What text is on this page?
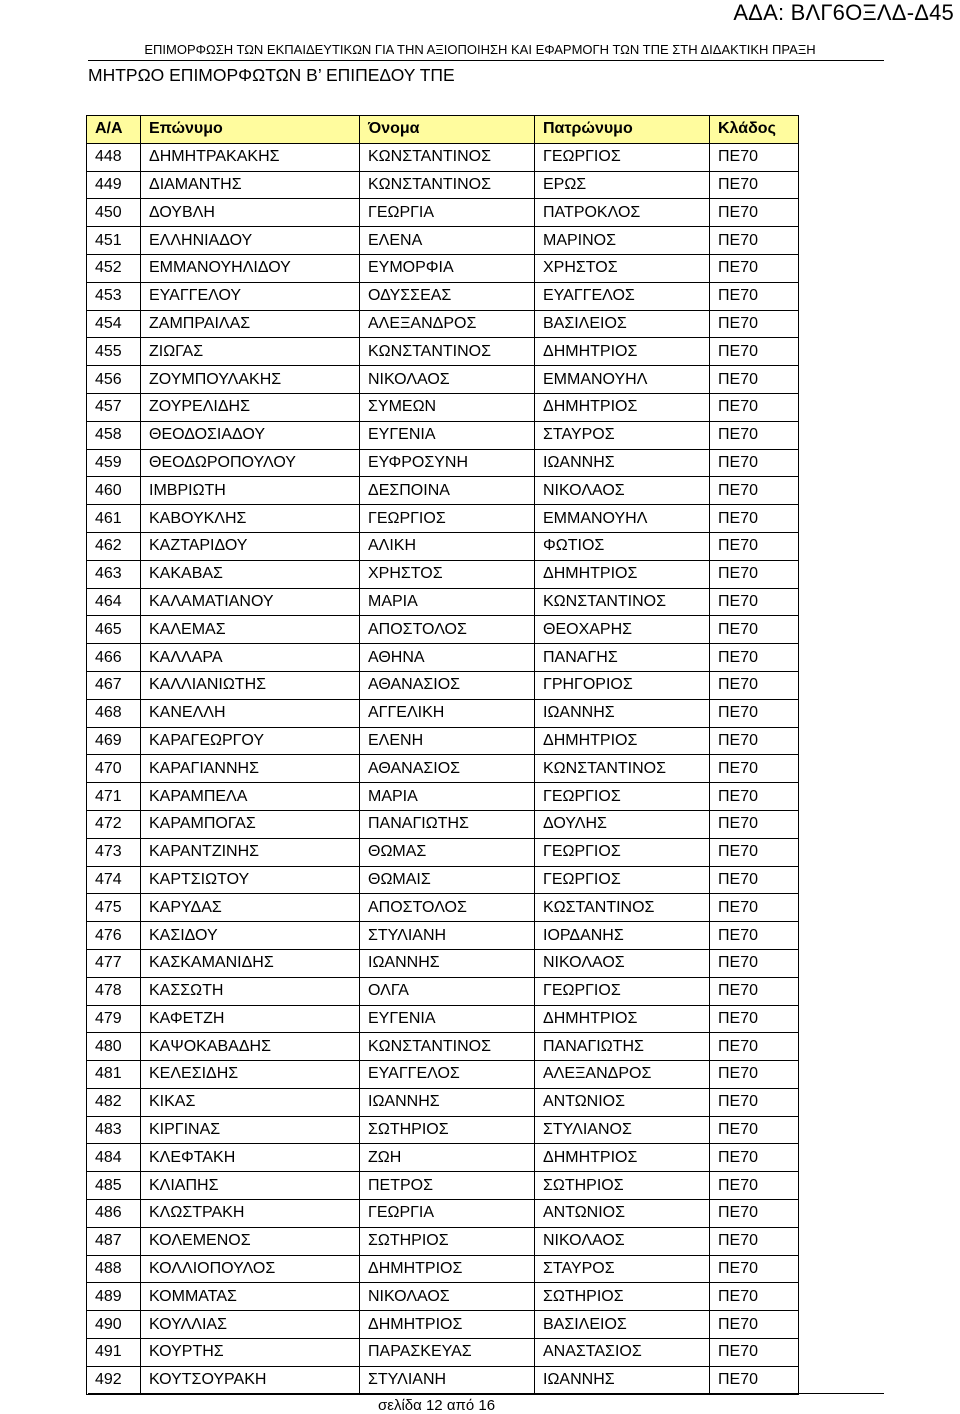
ΑΔΑ: ΒΛΓ6ΟΞΛΔ-Δ45
ΕΠΙΜΟΡΦΩΣΗ ΤΩΝ ΕΚΠΑΙΔΕΥΤΙΚΩΝ ΓΙΑ ΤΗΝ ΑΞΙΟΠΟΙΗΣΗ ΚΑΙ ΕΦΑΡΜΟΓΗ ΤΩΝ ΤΠΕ ΣΤΗ ΔΙΔΑΚΤΙΚΗ ΠΡΑΞΗ
ΜΗΤΡΩΟ ΕΠΙΜΟΡΦΩΤΩΝ Β’ ΕΠΙΠΕΔΟΥ ΤΠΕ
Α/Α	Επώνυμο	Όνομα	Πατρώνυμο	Κλάδος
448	ΔΗΜΗΤΡΑΚΑΚΗΣ	ΚΩΝΣΤΑΝΤΙΝΟΣ	ΓΕΩΡΓΙΟΣ	ΠΕ70
449	ΔΙΑΜΑΝΤΗΣ	ΚΩΝΣΤΑΝΤΙΝΟΣ	ΕΡΩΣ	ΠΕ70
450	ΔΟΥΒΛΗ	ΓΕΩΡΓΙΑ	ΠΑΤΡΟΚΛΟΣ	ΠΕ70
451	ΕΛΛΗΝΙΑΔΟΥ	ΕΛΕΝΑ	ΜΑΡΙΝΟΣ	ΠΕ70
452	ΕΜΜΑΝΟΥΗΛΙΔΟΥ	ΕΥΜΟΡΦΙΑ	ΧΡΗΣΤΟΣ	ΠΕ70
453	ΕΥΑΓΓΕΛΟΥ	ΟΔΥΣΣΕΑΣ	ΕΥΑΓΓΕΛΟΣ	ΠΕ70
454	ΖΑΜΠΡΑΙΛΑΣ	ΑΛΕΞΑΝΔΡΟΣ	ΒΑΣΙΛΕΙΟΣ	ΠΕ70
455	ΖΙΩΓΑΣ	ΚΩΝΣΤΑΝΤΙΝΟΣ	ΔΗΜΗΤΡΙΟΣ	ΠΕ70
456	ΖΟΥΜΠΟΥΛΑΚΗΣ	ΝΙΚΟΛΑΟΣ	ΕΜΜΑΝΟΥΗΛ	ΠΕ70
457	ΖΟΥΡΕΛΙΔΗΣ	ΣΥΜΕΩΝ	ΔΗΜΗΤΡΙΟΣ	ΠΕ70
458	ΘΕΟΔΟΣΙΑΔΟΥ	ΕΥΓΕΝΙΑ	ΣΤΑΥΡΟΣ	ΠΕ70
459	ΘΕΟΔΩΡΟΠΟΥΛΟΥ	ΕΥΦΡΟΣΥΝΗ	ΙΩΑΝΝΗΣ	ΠΕ70
460	ΙΜΒΡΙΩΤΗ	ΔΕΣΠΟΙΝΑ	ΝΙΚΟΛΑΟΣ	ΠΕ70
461	ΚΑΒΟΥΚΛΗΣ	ΓΕΩΡΓΙΟΣ	ΕΜΜΑΝΟΥΗΛ	ΠΕ70
462	ΚΑΖΤΑΡΙΔΟΥ	ΑΛΙΚΗ	ΦΩΤΙΟΣ	ΠΕ70
463	ΚΑΚΑΒΑΣ	ΧΡΗΣΤΟΣ	ΔΗΜΗΤΡΙΟΣ	ΠΕ70
464	ΚΑΛΑΜΑΤΙΑΝΟΥ	ΜΑΡΙΑ	ΚΩΝΣΤΑΝΤΙΝΟΣ	ΠΕ70
465	ΚΑΛΕΜΑΣ	ΑΠΟΣΤΟΛΟΣ	ΘΕΟΧΑΡΗΣ	ΠΕ70
466	ΚΑΛΛΑΡΑ	ΑΘΗΝΑ	ΠΑΝΑΓΗΣ	ΠΕ70
467	ΚΑΛΛΙΑΝΙΩΤΗΣ	ΑΘΑΝΑΣΙΟΣ	ΓΡΗΓΟΡΙΟΣ	ΠΕ70
468	ΚΑΝΕΛΛΗ	ΑΓΓΕΛΙΚΗ	ΙΩΑΝΝΗΣ	ΠΕ70
469	ΚΑΡΑΓΕΩΡΓΟΥ	ΕΛΕΝΗ	ΔΗΜΗΤΡΙΟΣ	ΠΕ70
470	ΚΑΡΑΓΙΑΝΝΗΣ	ΑΘΑΝΑΣΙΟΣ	ΚΩΝΣΤΑΝΤΙΝΟΣ	ΠΕ70
471	ΚΑΡΑΜΠΕΛΑ	ΜΑΡΙΑ	ΓΕΩΡΓΙΟΣ	ΠΕ70
472	ΚΑΡΑΜΠΟΓΑΣ	ΠΑΝΑΓΙΩΤΗΣ	ΔΟΥΛΗΣ	ΠΕ70
473	ΚΑΡΑΝΤΖΙΝΗΣ	ΘΩΜΑΣ	ΓΕΩΡΓΙΟΣ	ΠΕ70
474	ΚΑΡΤΣΙΩΤΟΥ	ΘΩΜΑΙΣ	ΓΕΩΡΓΙΟΣ	ΠΕ70
475	ΚΑΡΥΔΑΣ	ΑΠΟΣΤΟΛΟΣ	ΚΩΣΤΑΝΤΙΝΟΣ	ΠΕ70
476	ΚΑΣΙΔΟΥ	ΣΤΥΛΙΑΝΗ	ΙΟΡΔΑΝΗΣ	ΠΕ70
477	ΚΑΣΚΑΜΑΝΙΔΗΣ	ΙΩΑΝΝΗΣ	ΝΙΚΟΛΑΟΣ	ΠΕ70
478	ΚΑΣΣΩΤΗ	ΟΛΓΑ	ΓΕΩΡΓΙΟΣ	ΠΕ70
479	ΚΑΦΕΤΖΗ	ΕΥΓΕΝΙΑ	ΔΗΜΗΤΡΙΟΣ	ΠΕ70
480	ΚΑΨΟΚΑΒΑΔΗΣ	ΚΩΝΣΤΑΝΤΙΝΟΣ	ΠΑΝΑΓΙΩΤΗΣ	ΠΕ70
481	ΚΕΛΕΣΙΔΗΣ	ΕΥΑΓΓΕΛΟΣ	ΑΛΕΞΑΝΔΡΟΣ	ΠΕ70
482	ΚΙΚΑΣ	ΙΩΑΝΝΗΣ	ΑΝΤΩΝΙΟΣ	ΠΕ70
483	ΚΙΡΓΙΝΑΣ	ΣΩΤΗΡΙΟΣ	ΣΤΥΛΙΑΝΟΣ	ΠΕ70
484	ΚΛΕΦΤΑΚΗ	ΖΩΗ	ΔΗΜΗΤΡΙΟΣ	ΠΕ70
485	ΚΛΙΑΠΗΣ	ΠΕΤΡΟΣ	ΣΩΤΗΡΙΟΣ	ΠΕ70
486	ΚΛΩΣΤΡΑΚΗ	ΓΕΩΡΓΙΑ	ΑΝΤΩΝΙΟΣ	ΠΕ70
487	ΚΟΛΕΜΕΝΟΣ	ΣΩΤΗΡΙΟΣ	ΝΙΚΟΛΑΟΣ	ΠΕ70
488	ΚΟΛΛΙΟΠΟΥΛΟΣ	ΔΗΜΗΤΡΙΟΣ	ΣΤΑΥΡΟΣ	ΠΕ70
489	ΚΟΜΜΑΤΑΣ	ΝΙΚΟΛΑΟΣ	ΣΩΤΗΡΙΟΣ	ΠΕ70
490	ΚΟΥΛΛΙΑΣ	ΔΗΜΗΤΡΙΟΣ	ΒΑΣΙΛΕΙΟΣ	ΠΕ70
491	ΚΟΥΡΤΗΣ	ΠΑΡΑΣΚΕΥΑΣ	ΑΝΑΣΤΑΣΙΟΣ	ΠΕ70
492	ΚΟΥΤΣΟΥΡΑΚΗ	ΣΤΥΛΙΑΝΗ	ΙΩΑΝΝΗΣ	ΠΕ70
σελίδα 12 από 16
